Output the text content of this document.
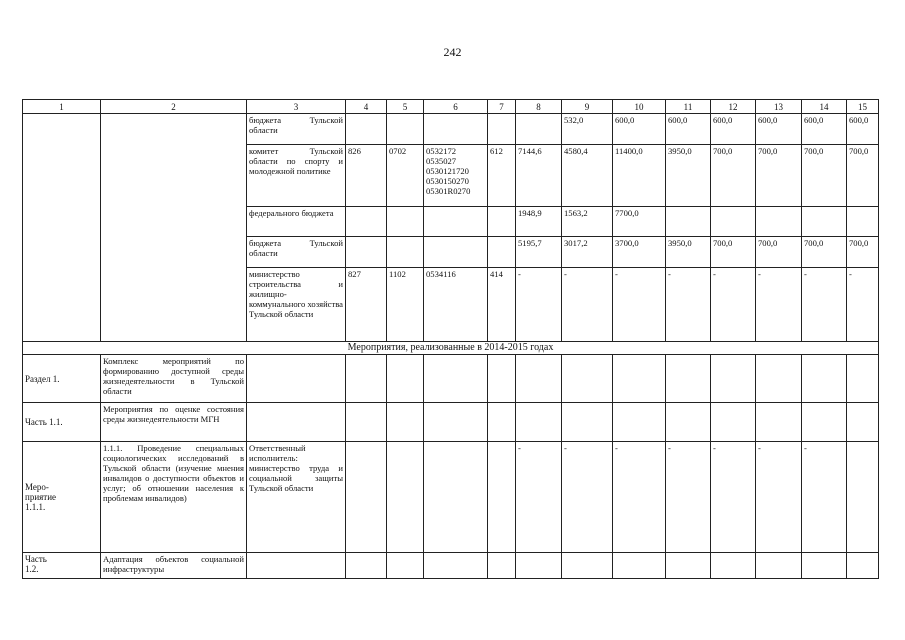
242
1	2	3	4	5	6	7	8	9	10	11	12	13	14	15
		бюджета Тульской области						532,0	600,0	600,0	600,0	600,0	600,0	600,0
		комитет Тульской области по спорту и молодежной политике	826	0702	0532172
0535027
0530121720
0530150270
05301R0270	612	7144,6	4580,4	11400,0	3950,0	700,0	700,0	700,0	700,0
		федерального бюджета					1948,9	1563,2	7700,0					
		бюджета Тульской области					5195,7	3017,2	3700,0	3950,0	700,0	700,0	700,0	700,0
		министерство строительства и жилищно-коммунального хозяйства Тульской области	827	1102	0534116	414	-	-	-	-	-	-	-	-
Мероприятия, реализованные в 2014-2015 годах														
Раздел 1.	Комплекс мероприятий по формированию доступной среды жизнедеятельности в Тульской области													
Часть 1.1.	Мероприятия по оценке состояния среды жизнедеятельности МГН													
Меро-
приятие
1.1.1.	1.1.1. Проведение специальных социологических исследований в Тульской области (изучение мнения инвалидов о доступности объектов и услуг; об отношении населения к проблемам инвалидов)	Ответственный исполнитель: министерство труда и социальной защиты Тульской области					-	-	-	-	-	-	-	
Часть
1.2.	Адаптация объектов социальной инфраструктуры													
